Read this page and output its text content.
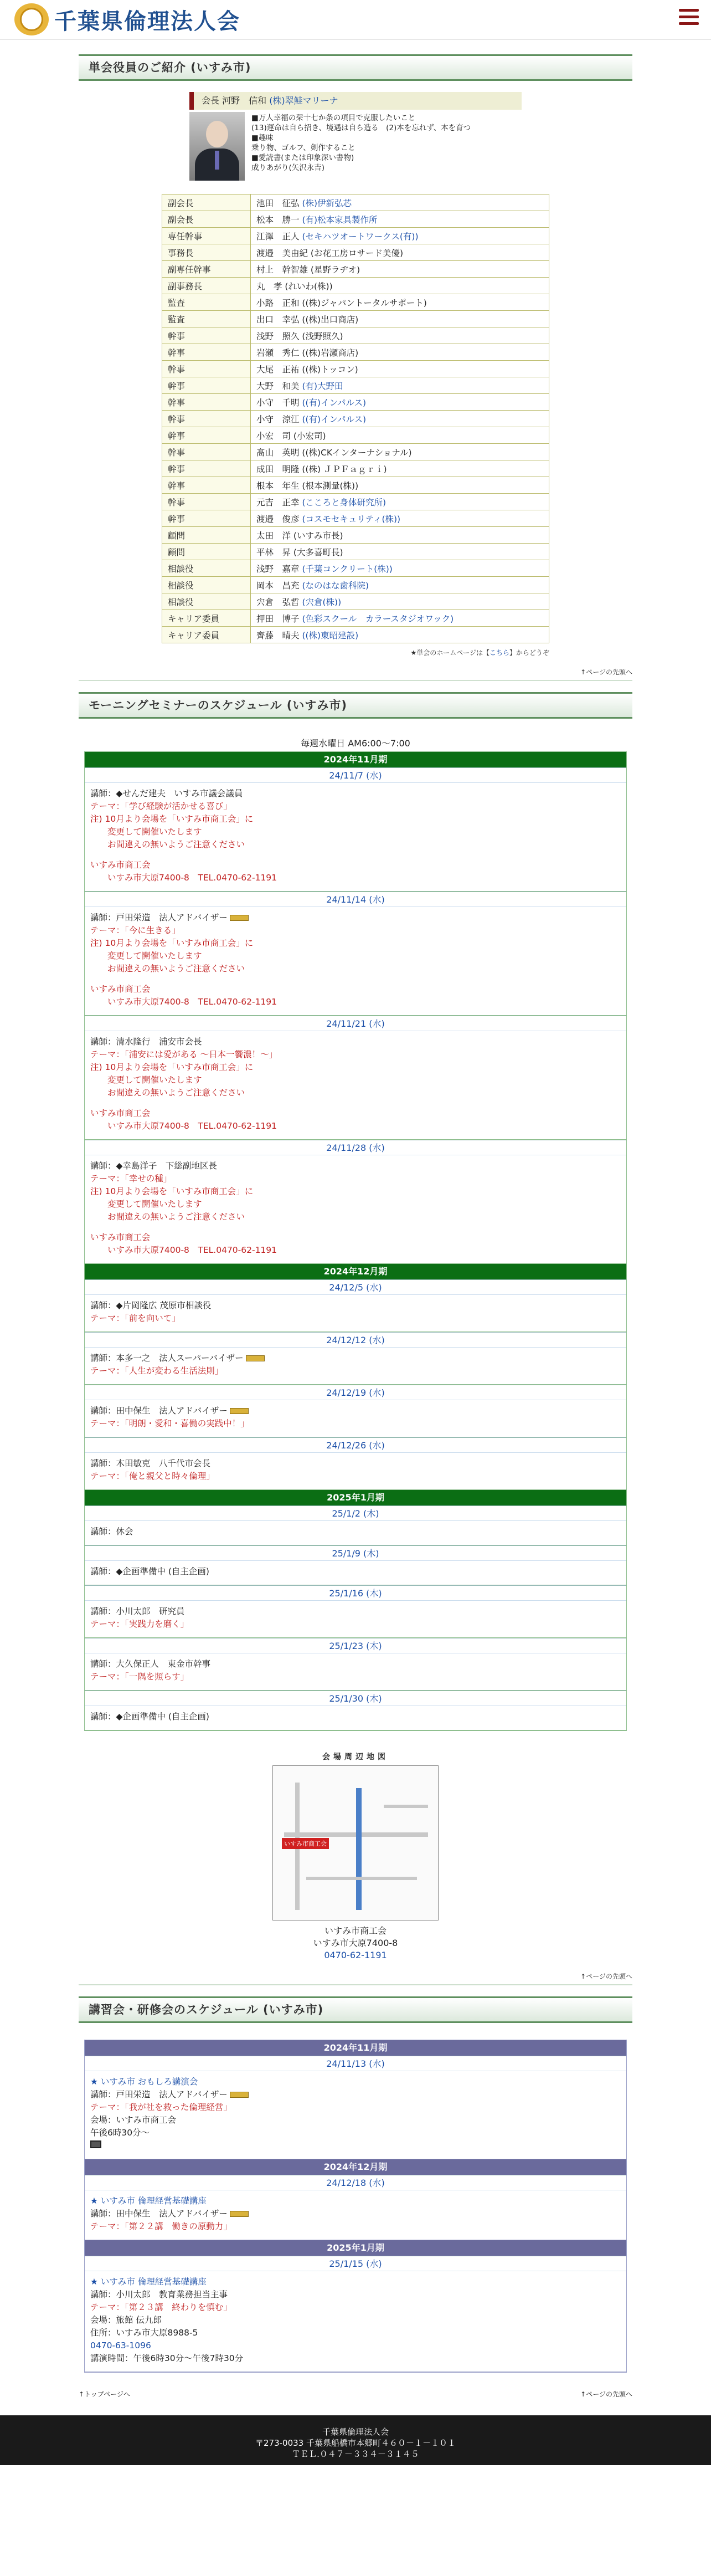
千葉県倫理法人会
単会役員のご紹介 (いすみ市)
会長 河野　信和 (株)翠鮭マリーナ
■万人幸福の栞十七か条の項目で克服したいこと
(13)運命は自ら招き、境遇は自ら造る　(2)本を忘れず、本を育つ
■趣味
乗り物、ゴルフ、剣作すること
■愛読書(または印象深い書物)
成りあがり(矢沢永吉)
副会長	池田　征弘 (株)伊新弘芯
副会長	松本　勝一 (有)松本家具製作所
専任幹事	江澤　正人 (セキハツオートワークス(有))
事務長	渡邉　美由紀 (お花工房ロサード美優)
副専任幹事	村上　幹智雄 (星野ラヂオ)
副事務長	丸　孝 (れいわ(株))
監査	小路　正和 ((株)ジャパントータルサポート)
監査	出口　幸弘 ((株)出口商店)
幹事	浅野　照久 (浅野照久)
幹事	岩瀬　秀仁 ((株)岩瀬商店)
幹事	大尾　正祐 ((株)トッコン)
幹事	大野　和美 (有)大野田
幹事	小守　千明 ((有)インパルス)
幹事	小守　涼江 ((有)インパルス)
幹事	小宏　司 (小宏司)
幹事	髙山　英明 ((株)CKインターナショナル)
幹事	成田　明隆 ((株) ＪＰＦａｇｒｉ)
幹事	根本　年生 (根本測量(株))
幹事	元吉　正幸 (こころと身体研究所)
幹事	渡邉　俊彦 (コスモセキュリティ(株))
顧問	太田　洋 (いすみ市長)
顧問	平林　昇 (大多喜町長)
相談役	浅野　嘉章 (千葉コンクリート(株))
相談役	岡本　昌充 (なのはな歯科院)
相談役	宍倉　弘哲 (宍倉(株))
キャリア委員	押田　博子 (色彩スクール　カラースタジオワック)
キャリア委員	齊藤　晴夫 ((株)東昭建設)
★単会のホームページは【こちら】からどうぞ
↑ページの先頭へ
モーニングセミナーのスケジュール (いすみ市)
毎週水曜日 AM6:00〜7:00
2024年11月期
24/11/7 (水)
講師：◆せんだ建夫　いすみ市議会議員
テーマ：「学び経験が活かせる喜び」
注) 10月より会場を「いすみ市商工会」に
　　変更して開催いたします
　　お間違えの無いようご注意ください
いすみ市商工会
　　いすみ市大原7400-8　TEL.0470-62-1191
24/11/14 (水)
講師：戸田栄造　法人アドバイザー
テーマ：「今に生きる」
注) 10月より会場を「いすみ市商工会」に
　　変更して開催いたします
　　お間違えの無いようご注意ください
いすみ市商工会
　　いすみ市大原7400-8　TEL.0470-62-1191
24/11/21 (水)
講師：清水隆行　浦安市会長
テーマ：「浦安には愛がある 〜日本一饗濃！〜」
注) 10月より会場を「いすみ市商工会」に
　　変更して開催いたします
　　お間違えの無いようご注意ください
いすみ市商工会
　　いすみ市大原7400-8　TEL.0470-62-1191
24/11/28 (水)
講師：◆幸島洋子　下総副地区長
テーマ：「幸せの種」
注) 10月より会場を「いすみ市商工会」に
　　変更して開催いたします
　　お間違えの無いようご注意ください
いすみ市商工会
　　いすみ市大原7400-8　TEL.0470-62-1191
2024年12月期
24/12/5 (水)
講師：◆片岡隆広 茂原市相談役
テーマ：「前を向いて」
24/12/12 (水)
講師：本多一之　法人スーパーバイザー
テーマ：「人生が変わる生活法則」
24/12/19 (水)
講師：田中保生　法人アドバイザー
テーマ：「明朗・愛和・喜働の実践中！」
24/12/26 (水)
講師：木田敏克　八千代市会長
テーマ：「俺と親父と時々倫理」
2025年1月期
25/1/2 (木)
講師：休会
25/1/9 (木)
講師：◆企画準備中 (自主企画)
25/1/16 (木)
講師：小川太郎　研究員
テーマ：「実践力を磨く」
25/1/23 (木)
講師：大久保正人　東金市幹事
テーマ：「一隅を照らす」
25/1/30 (木)
講師：◆企画準備中 (自主企画)
会場周辺地図
いすみ市商工会
いすみ市商工会
いすみ市大原7400-8
0470-62-1191
↑ページの先頭へ
講習会・研修会のスケジュール (いすみ市)
2024年11月期
24/11/13 (水)
★ いすみ市 おもしろ講演会
講師：戸田栄造　法人アドバイザー
テーマ：「我が社を救った倫理経営」
会場：いすみ市商工会
午後6時30分〜
2024年12月期
24/12/18 (水)
★ いすみ市 倫理経営基礎講座
講師：田中保生　法人アドバイザー
テーマ：「第２２講　働きの原動力」
2025年1月期
25/1/15 (水)
★ いすみ市 倫理経営基礎講座
講師：小川太郎　教育業務担当主事
テーマ：「第２３講　終わりを慎む」
会場：旅館 伝九郎
住所：いすみ市大原8988-5
0470-63-1096
講演時間：午後6時30分〜午後7時30分
↑トップページへ	↑ページの先頭へ
千葉県倫理法人会
〒273-0033 千葉県船橋市本郷町４６０－１－１０１
ＴＥＬ.０４７－３３４－３１４５
